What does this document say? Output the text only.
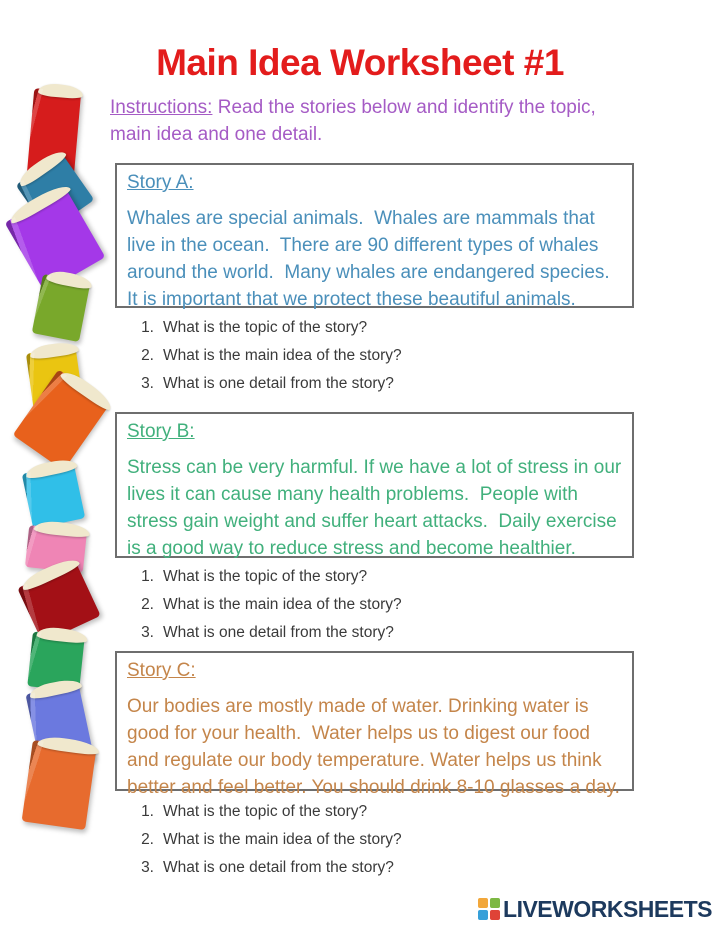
Main Idea Worksheet #1
Instructions: Read the stories below and identify the topic, main idea and one detail.
Story A:
Whales are special animals.  Whales are mammals that live in the ocean.  There are 90 different types of whales around the world.  Many whales are endangered species. It is important that we protect these beautiful animals.
1. What is the topic of the story?
2. What is the main idea of the story?
3. What is one detail from the story?
Story B:
Stress can be very harmful. If we have a lot of stress in our lives it can cause many health problems.  People with stress gain weight and suffer heart attacks.  Daily exercise is a good way to reduce stress and become healthier.
1. What is the topic of the story?
2. What is the main idea of the story?
3. What is one detail from the story?
Story C:
Our bodies are mostly made of water. Drinking water is good for your health.  Water helps us to digest our food and regulate our body temperature. Water helps us think better and feel better. You should drink 8-10 glasses a day.
1. What is the topic of the story?
2. What is the main idea of the story?
3. What is one detail from the story?
LIVEWORKSHEETS
